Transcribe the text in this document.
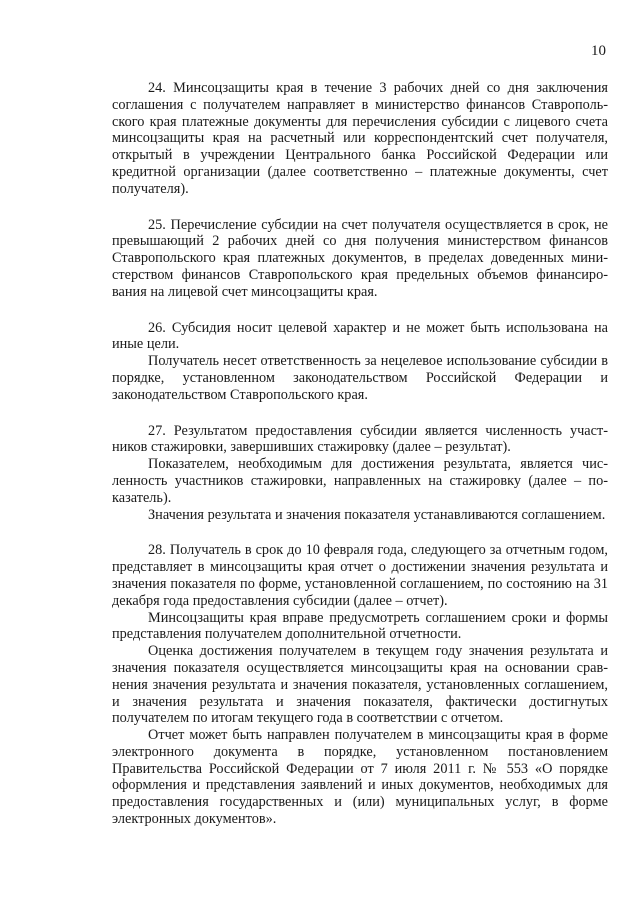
10

24. Минсоцзащиты края в течение 3 рабочих дней со дня заключения соглашения с получателем направляет в министерство финансов Ставропольского края платежные документы для перечисления субсидии с лицевого счета минсоцзащиты края на расчетный или корреспондентский счет получателя, открытый в учреждении Центрального банка Российской Федерации или кредитной организации (далее соответственно – платежные документы, счет получателя).

25. Перечисление субсидии на счет получателя осуществляется в срок, не превышающий 2 рабочих дней со дня получения министерством финансов Ставропольского края платежных документов, в пределах доведенных министерством финансов Ставропольского края предельных объемов финансирования на лицевой счет минсоцзащиты края.

26. Субсидия носит целевой характер и не может быть использована на иные цели.

Получатель несет ответственность за нецелевое использование субсидии в порядке, установленном законодательством Российской Федерации и законодательством Ставропольского края.

27. Результатом предоставления субсидии является численность участников стажировки, завершивших стажировку (далее – результат).

Показателем, необходимым для достижения результата, является численность участников стажировки, направленных на стажировку (далее – показатель).

Значения результата и значения показателя устанавливаются соглашением.

28. Получатель в срок до 10 февраля года, следующего за отчетным годом, представляет в минсоцзащиты края отчет о достижении значения результата и значения показателя по форме, установленной соглашением, по состоянию на 31 декабря года предоставления субсидии (далее – отчет).

Минсоцзащиты края вправе предусмотреть соглашением сроки и формы представления получателем дополнительной отчетности.

Оценка достижения получателем в текущем году значения результата и значения показателя осуществляется минсоцзащиты края на основании сравнения значения результата и значения показателя, установленных соглашением, и значения результата и значения показателя, фактически достигнутых получателем по итогам текущего года в соответствии с отчетом.

Отчет может быть направлен получателем в минсоцзащиты края в форме электронного документа в порядке, установленном постановлением Правительства Российской Федерации от 7 июля 2011 г. № 553 «О порядке оформления и представления заявлений и иных документов, необходимых для предоставления государственных и (или) муниципальных услуг, в форме электронных документов».
